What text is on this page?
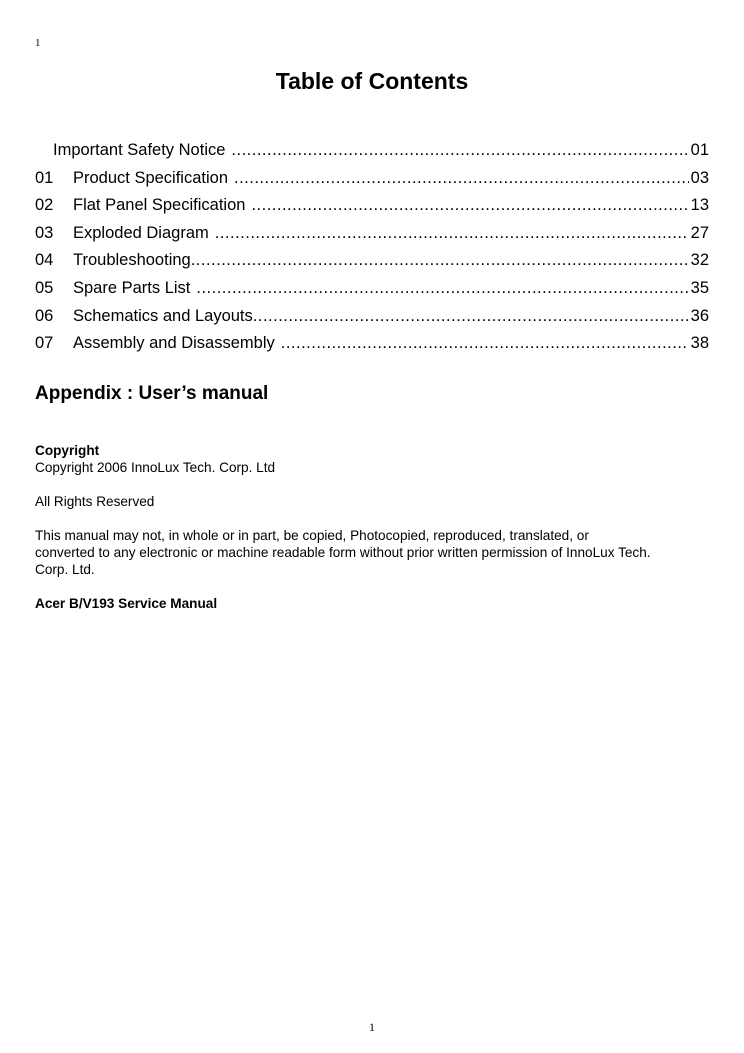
1
Table of Contents
Important Safety Notice .....	01
01	Product Specification .....	03
02	Flat Panel Specification .....	13
03	Exploded Diagram .....	27
04	Troubleshooting .....	32
05	Spare Parts List .....	35
06	Schematics and Layouts .....	36
07	Assembly and Disassembly .....	38
Appendix : User’s manual

Copyright

Copyright 2006 InnoLux Tech. Corp. Ltd

All Rights Reserved

This manual may not, in whole or in part, be copied, Photocopied, reproduced, translated, or

converted to any electronic or machine readable form without prior written permission of InnoLux Tech.

Corp. Ltd.

Acer B/V193 Service Manual

1
